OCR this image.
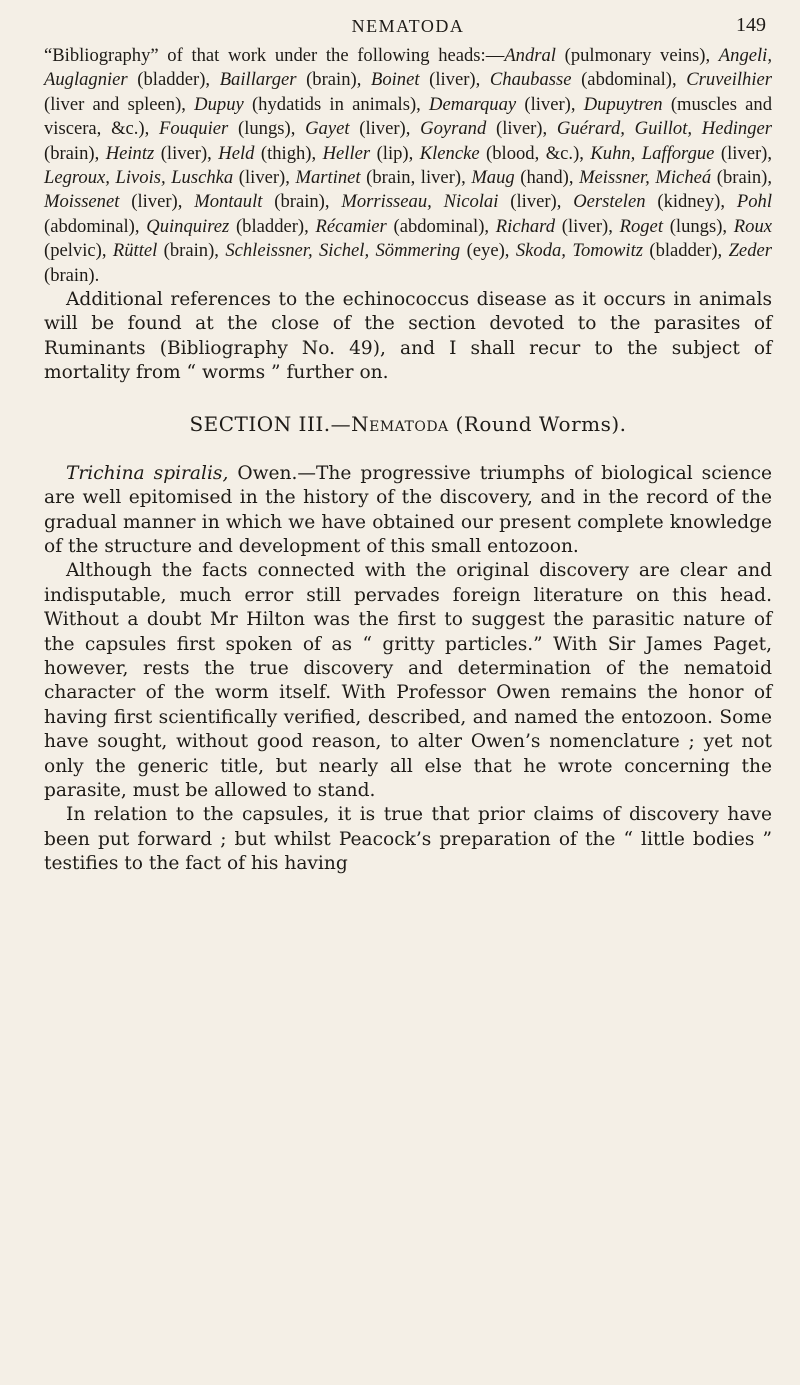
NEMATODA	149

“Bibliography” of that work under the following heads:—Andral (pulmonary veins), Angeli, Auglagnier (bladder), Baillarger (brain), Boinet (liver), Chaubasse (abdominal), Cruveilhier (liver and spleen), Dupuy (hydatids in animals), Demarquay (liver), Dupuytren (muscles and viscera, &c.), Fouquier (lungs), Gayet (liver), Goyrand (liver), Guérard, Guillot, Hedinger (brain), Heintz (liver), Held (thigh), Heller (lip), Klencke (blood, &c.), Kuhn, Lafforgue (liver), Legroux, Livois, Luschka (liver), Martinet (brain, liver), Maug (hand), Meissner, Micheá (brain), Moissenet (liver), Montault (brain), Morrisseau, Nicolai (liver), Oerstelen (kidney), Pohl (abdominal), Quinquirez (bladder), Récamier (abdominal), Richard (liver), Roget (lungs), Roux (pelvic), Rüttel (brain), Schleissner, Sichel, Sömmering (eye), Skoda, Tomowitz (bladder), Zeder (brain).

Additional references to the echinococcus disease as it occurs in animals will be found at the close of the section devoted to the parasites of Ruminants (Bibliography No. 49), and I shall recur to the subject of mortality from “ worms ” further on.

SECTION III.—Nematoda (Round Worms).

Trichina spiralis, Owen.—The progressive triumphs of biological science are well epitomised in the history of the discovery, and in the record of the gradual manner in which we have obtained our present complete knowledge of the structure and development of this small entozoon.

Although the facts connected with the original discovery are clear and indisputable, much error still pervades foreign literature on this head. Without a doubt Mr Hilton was the first to suggest the parasitic nature of the capsules first spoken of as “ gritty particles.” With Sir James Paget, however, rests the true discovery and determination of the nematoid character of the worm itself. With Professor Owen remains the honor of having first scientifically verified, described, and named the entozoon. Some have sought, without good reason, to alter Owen’s nomenclature ; yet not only the generic title, but nearly all else that he wrote concerning the parasite, must be allowed to stand.

In relation to the capsules, it is true that prior claims of discovery have been put forward ; but whilst Peacock’s preparation of the “ little bodies ” testifies to the fact of his having
